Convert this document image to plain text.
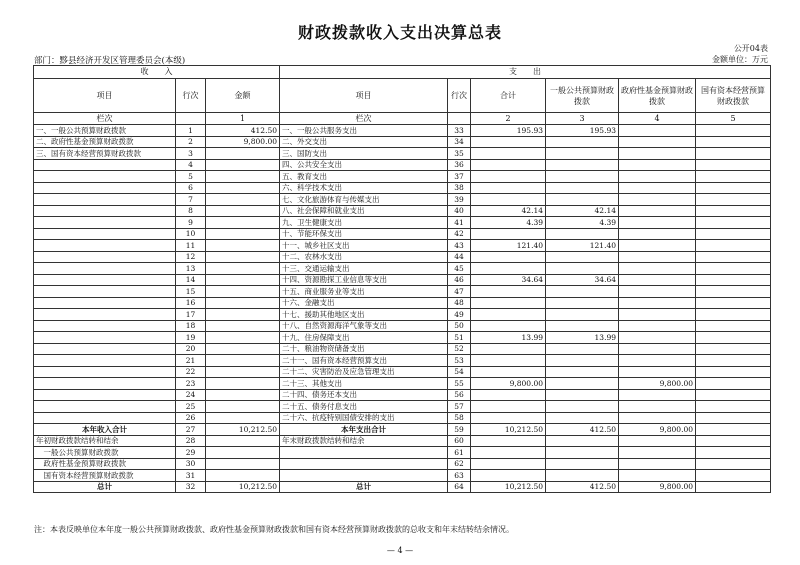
财政拨款收入支出决算总表
公开04表
部门：黟县经济开发区管理委员会(本级)	金额单位：万元
收　　入			支　　出					
项目	行次	金额	项目	行次	合计	一般公共预算财政拨款	政府性基金预算财政拨款	国有资本经营预算财政拨款
栏次		1	栏次		2	3	4	5
一、一般公共预算财政拨款	1	412.50	一、一般公共服务支出	33	195.93	195.93		
二、政府性基金预算财政拨款	2	9,800.00	二、外交支出	34				
三、国有资本经营预算财政拨款	3		三、国防支出	35				
	4		四、公共安全支出	36				
	5		五、教育支出	37				
	6		六、科学技术支出	38				
	7		七、文化旅游体育与传媒支出	39				
	8		八、社会保障和就业支出	40	42.14	42.14		
	9		九、卫生健康支出	41	4.39	4.39		
	10		十、节能环保支出	42				
	11		十一、城乡社区支出	43	121.40	121.40		
	12		十二、农林水支出	44				
	13		十三、交通运输支出	45				
	14		十四、资源勘探工业信息等支出	46	34.64	34.64		
	15		十五、商业服务业等支出	47				
	16		十六、金融支出	48				
	17		十七、援助其他地区支出	49				
	18		十八、自然资源海洋气象等支出	50				
	19		十九、住房保障支出	51	13.99	13.99		
	20		二十、粮油物资储备支出	52				
	21		二十一、国有资本经营预算支出	53				
	22		二十二、灾害防治及应急管理支出	54				
	23		二十三、其他支出	55	9,800.00		9,800.00	
	24		二十四、债务还本支出	56				
	25		二十五、债务付息支出	57				
	26		二十六、抗疫特别国债安排的支出	58				
本年收入合计	27	10,212.50	本年支出合计	59	10,212.50	412.50	9,800.00	
年初财政拨款结转和结余	28		年末财政拨款结转和结余	60				
　一般公共预算财政拨款	29			61				
　政府性基金预算财政拨款	30			62				
　国有资本经营预算财政拨款	31			63				
总计	32	10,212.50	总计	64	10,212.50	412.50	9,800.00	
注：本表反映单位本年度一般公共预算财政拨款、政府性基金预算财政拨款和国有资本经营预算财政拨款的总收支和年末结转结余情况。
— 4 —
